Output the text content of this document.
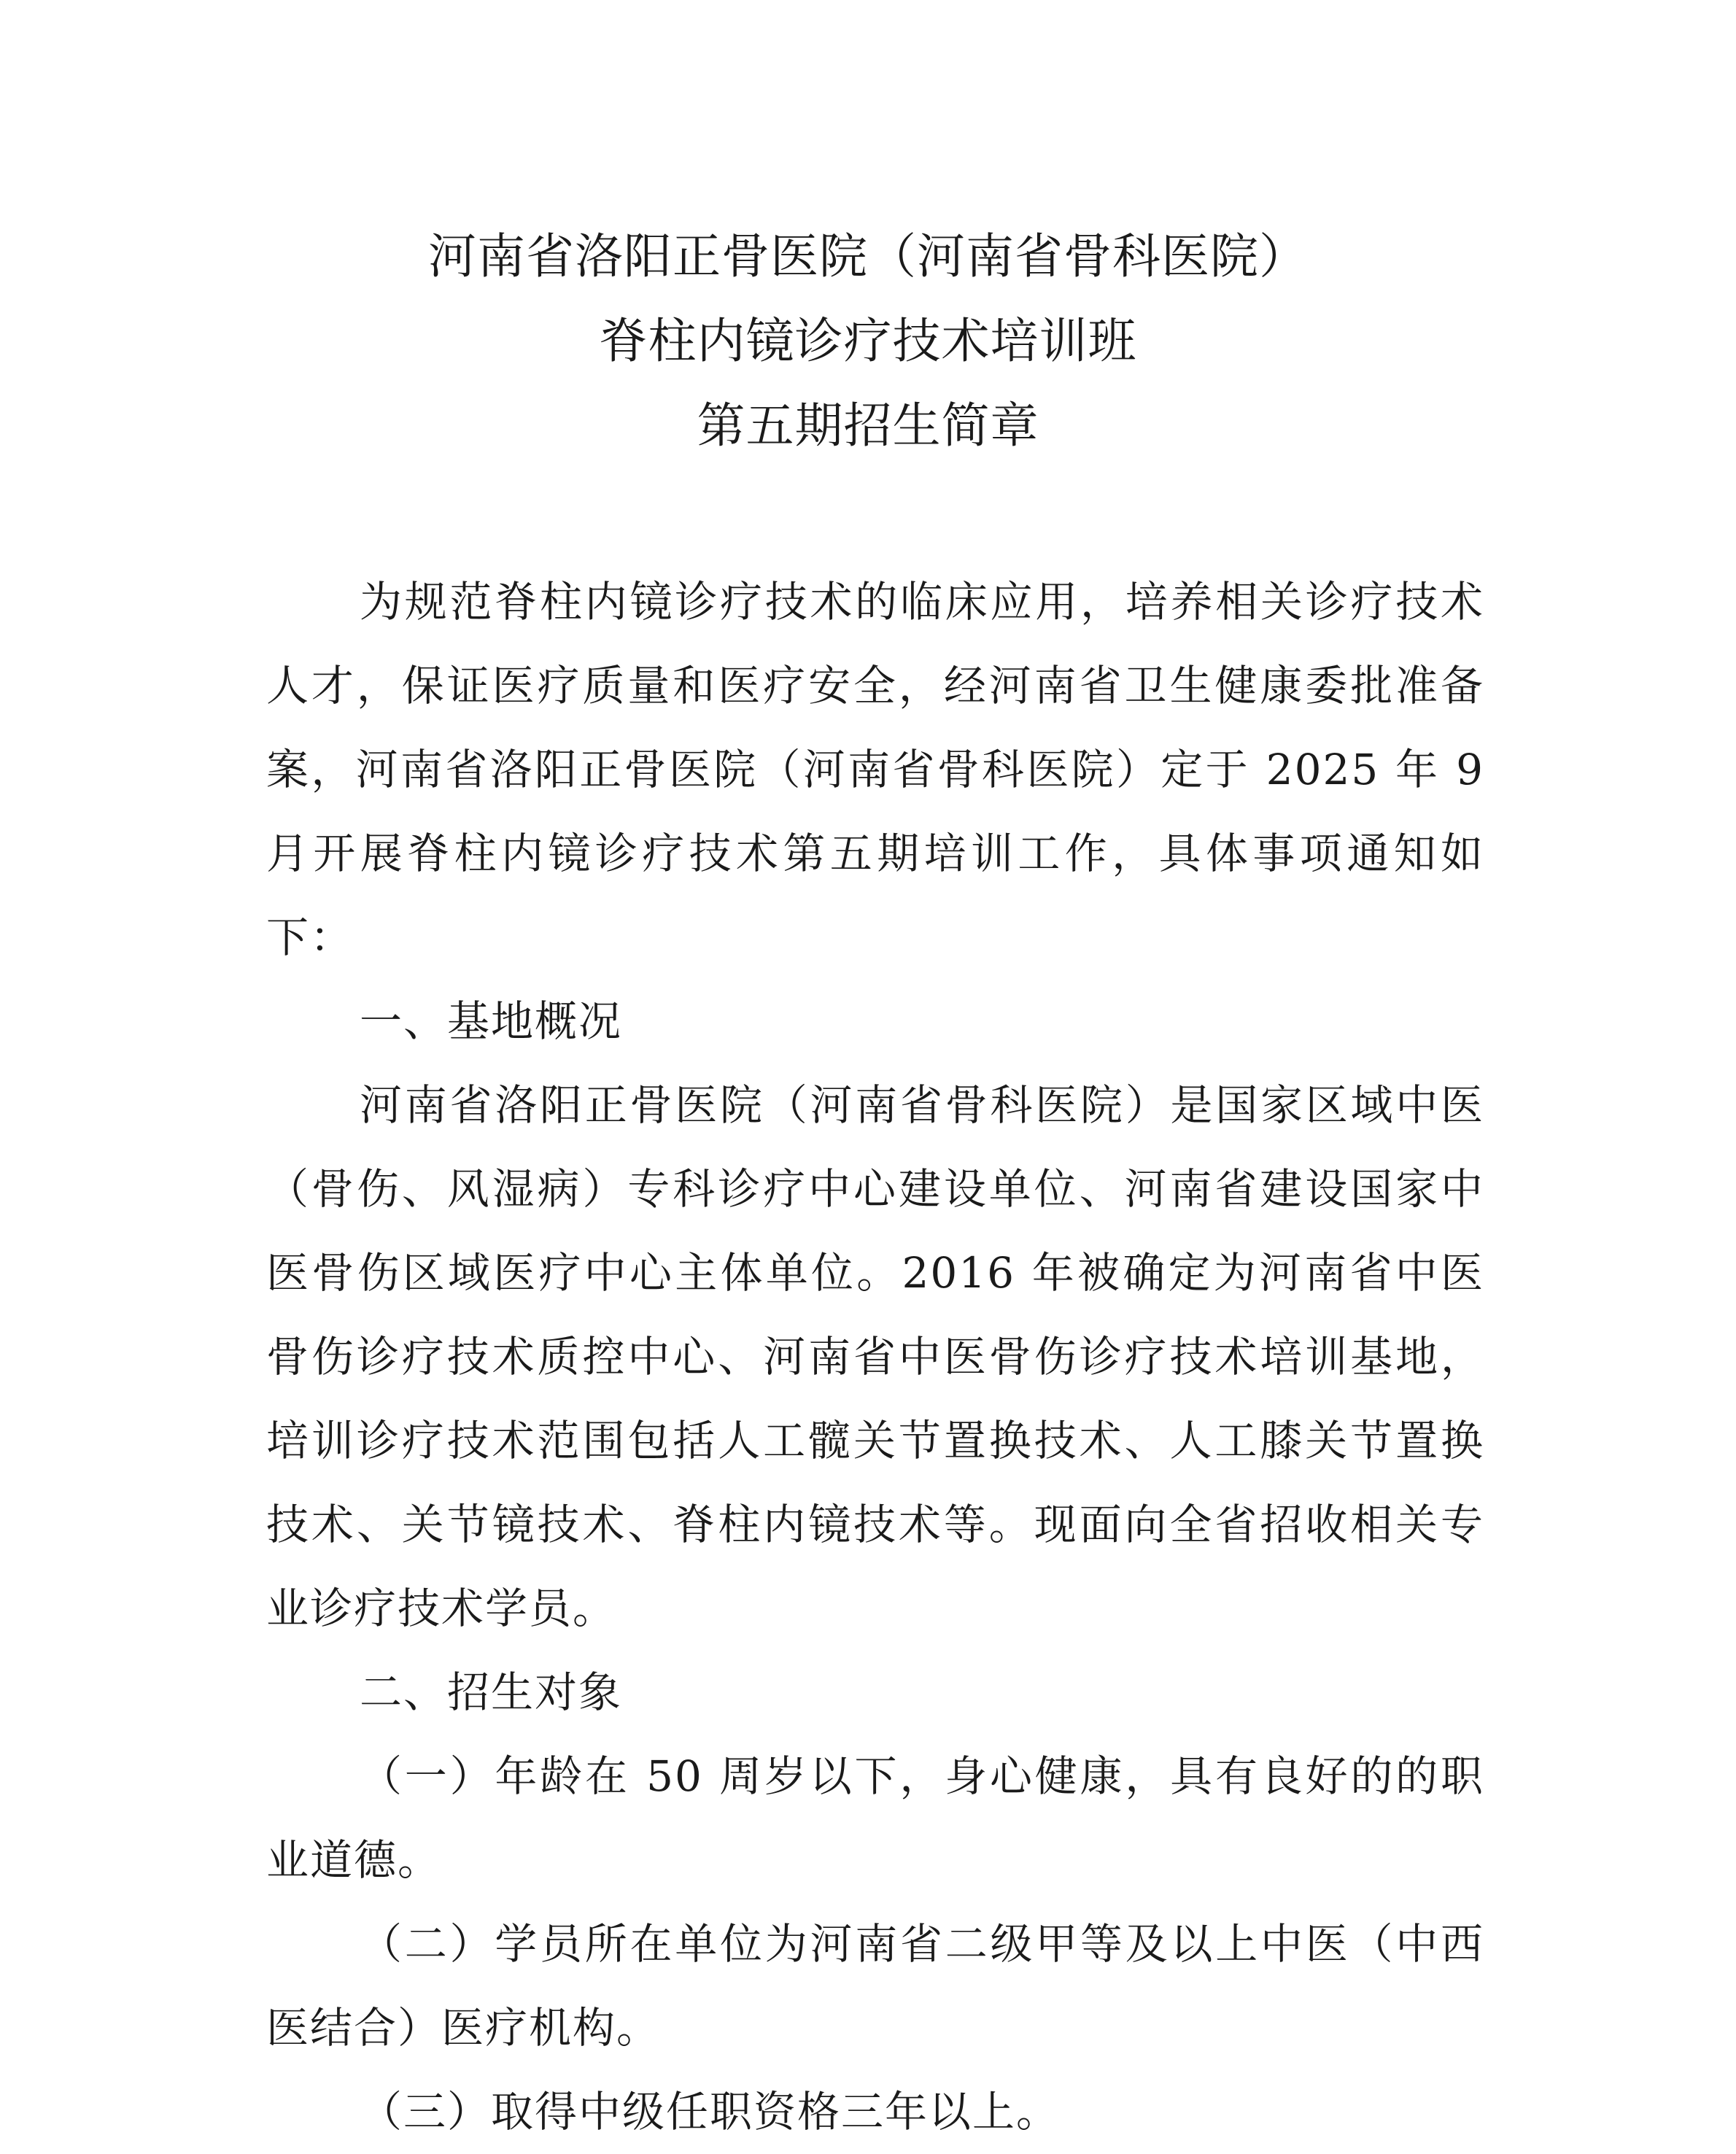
河南省洛阳正骨医院（河南省骨科医院）
脊柱内镜诊疗技术培训班
第五期招生简章

为规范脊柱内镜诊疗技术的临床应用，培养相关诊疗技术人才，保证医疗质量和医疗安全，经河南省卫生健康委批准备案，河南省洛阳正骨医院（河南省骨科医院）定于 2025 年 9 月开展脊柱内镜诊疗技术第五期培训工作，具体事项通知如下：

一、基地概况

河南省洛阳正骨医院（河南省骨科医院）是国家区域中医（骨伤、风湿病）专科诊疗中心建设单位、河南省建设国家中医骨伤区域医疗中心主体单位。2016 年被确定为河南省中医骨伤诊疗技术质控中心、河南省中医骨伤诊疗技术培训基地，培训诊疗技术范围包括人工髋关节置换技术、人工膝关节置换技术、关节镜技术、脊柱内镜技术等。现面向全省招收相关专业诊疗技术学员。

二、招生对象

（一）年龄在 50 周岁以下，身心健康，具有良好的的职业道德。

（二）学员所在单位为河南省二级甲等及以上中医（中西医结合）医疗机构。

（三）取得中级任职资格三年以上。
